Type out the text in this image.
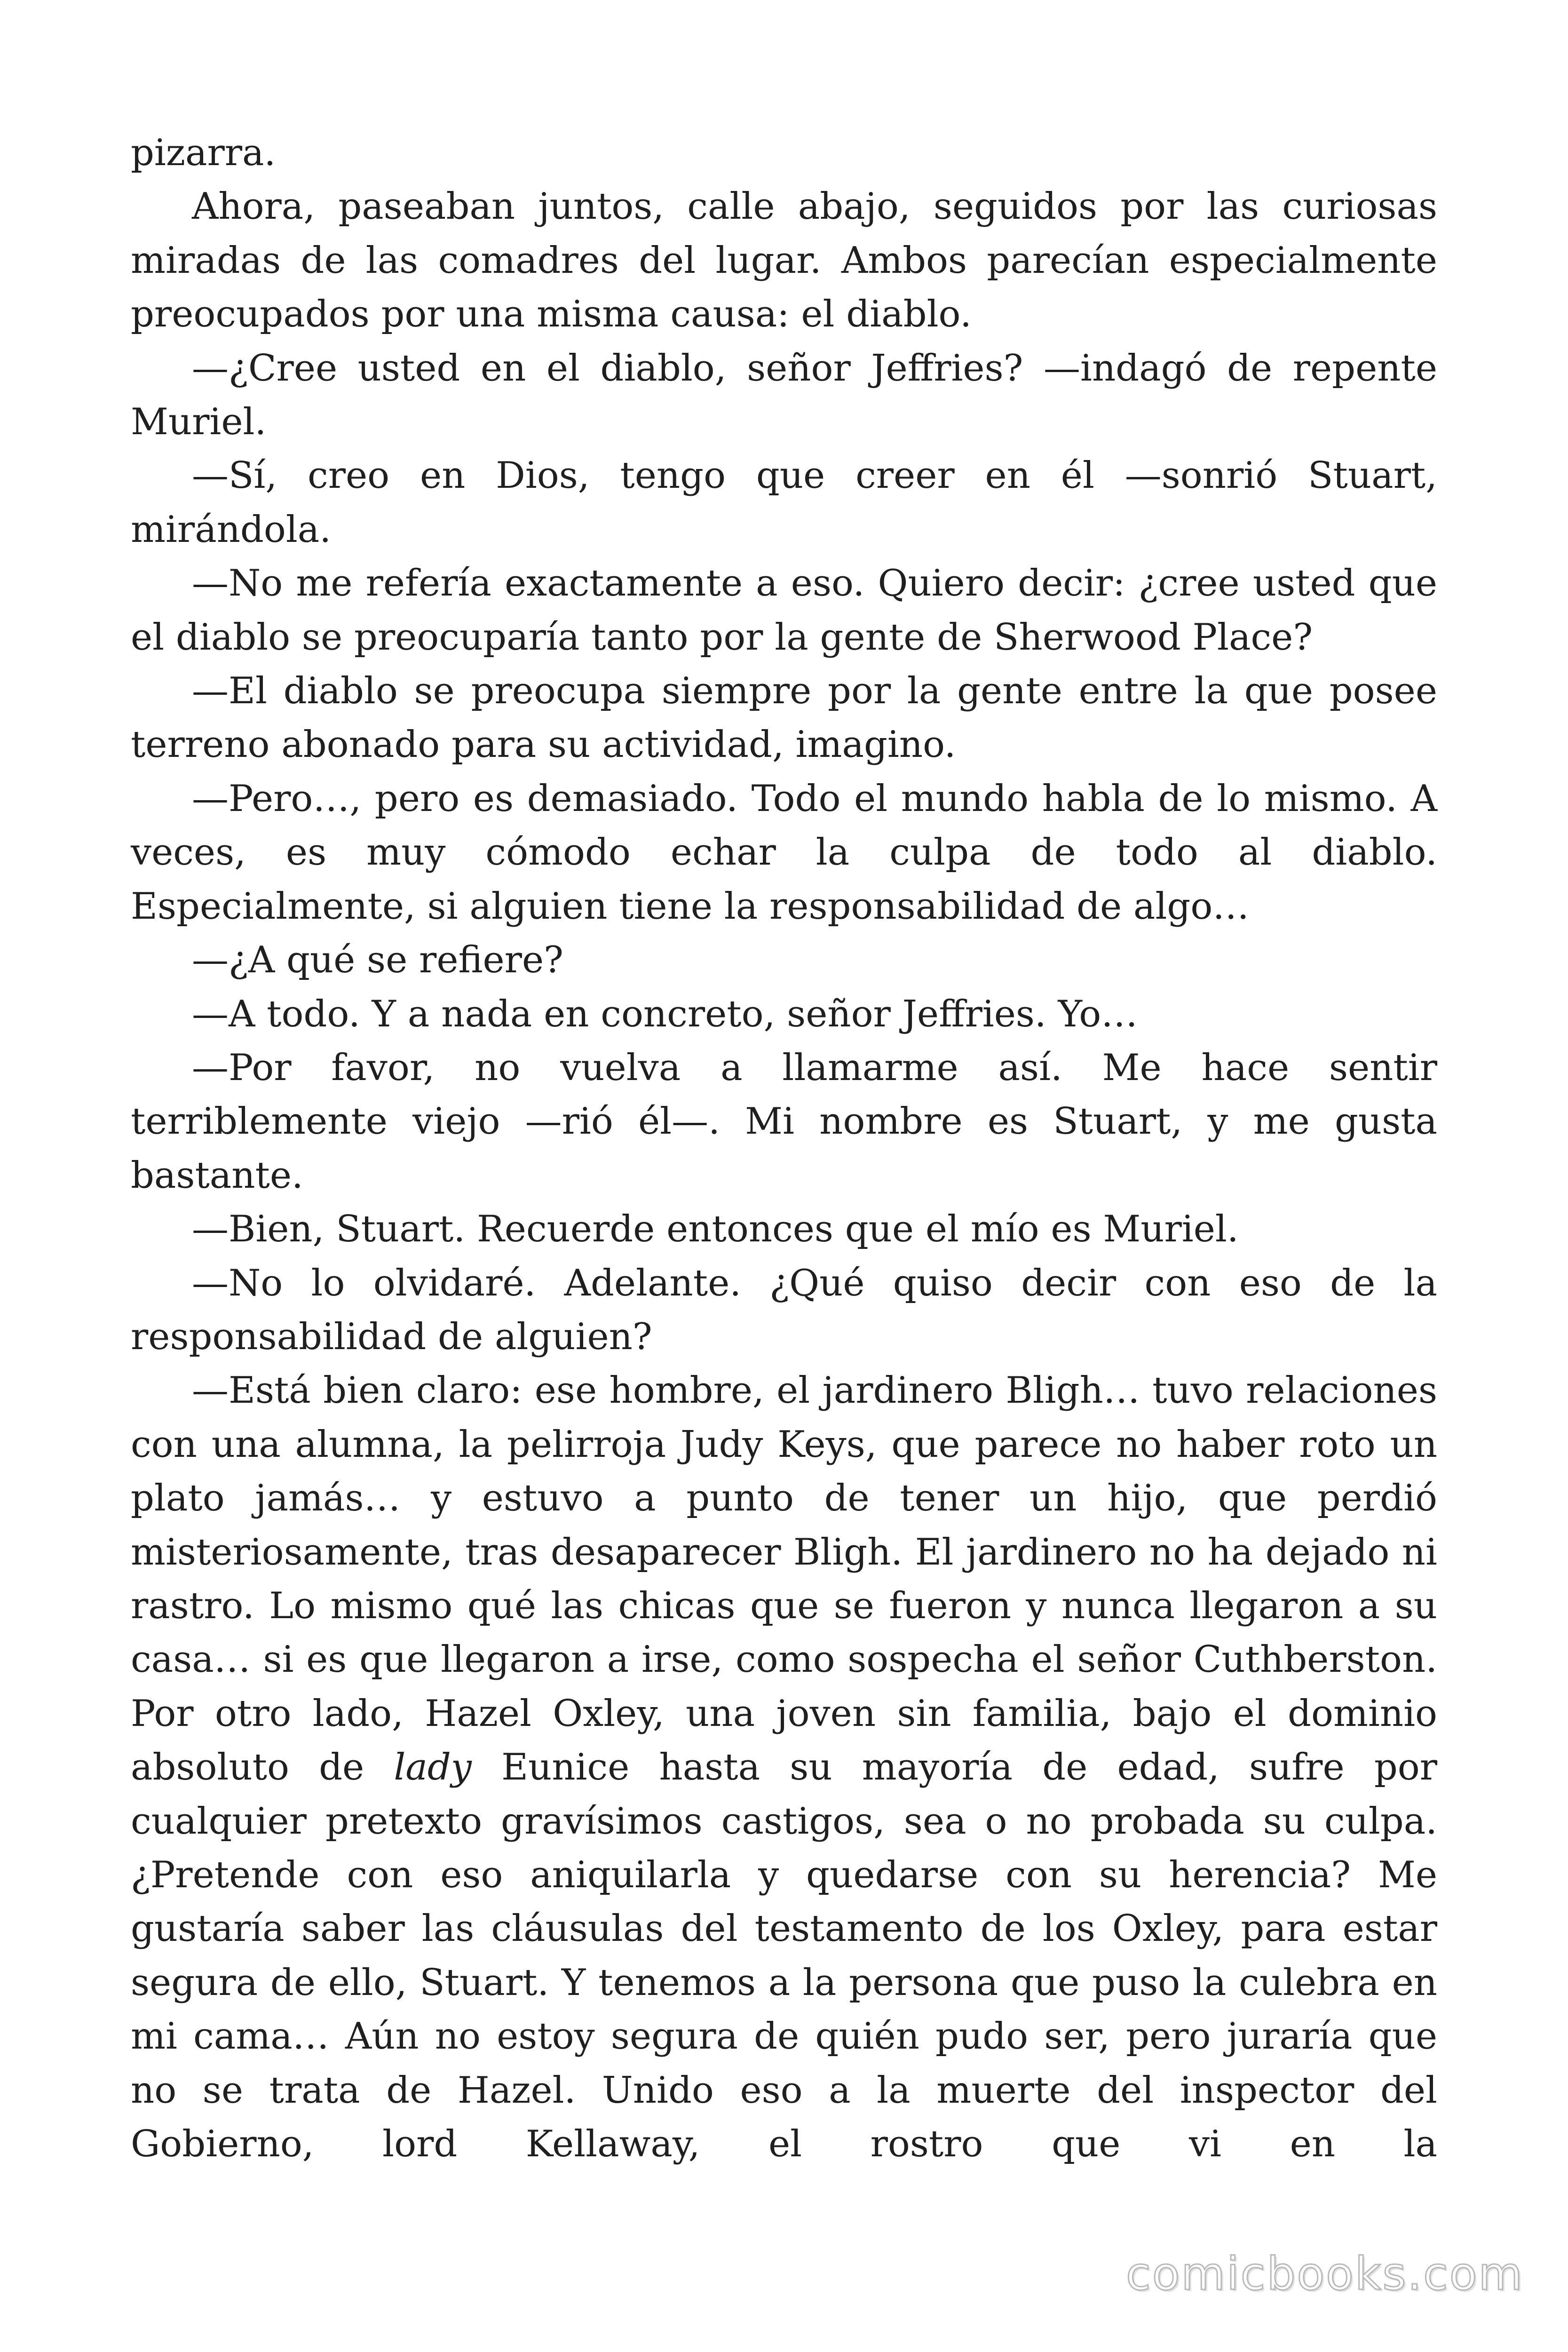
pizarra.

Ahora, paseaban juntos, calle abajo, seguidos por las curiosas miradas de las comadres del lugar. Ambos parecían especialmente preocupados por una misma causa: el diablo.

—¿Cree usted en el diablo, señor Jeffries? —indagó de repente Muriel.

—Sí, creo en Dios, tengo que creer en él —sonrió Stuart, mirándola.

—No me refería exactamente a eso. Quiero decir: ¿cree usted que el diablo se preocuparía tanto por la gente de Sherwood Place?

—El diablo se preocupa siempre por la gente entre la que posee terreno abonado para su actividad, imagino.

—Pero…, pero es demasiado. Todo el mundo habla de lo mismo. A veces, es muy cómodo echar la culpa de todo al diablo. Especialmente, si alguien tiene la responsabilidad de algo…

—¿A qué se refiere?

—A todo. Y a nada en concreto, señor Jeffries. Yo…

—Por favor, no vuelva a llamarme así. Me hace sentir terriblemente viejo —rió él—. Mi nombre es Stuart, y me gusta bastante.

—Bien, Stuart. Recuerde entonces que el mío es Muriel.

—No lo olvidaré. Adelante. ¿Qué quiso decir con eso de la responsabilidad de alguien?

—Está bien claro: ese hombre, el jardinero Bligh… tuvo relaciones con una alumna, la pelirroja Judy Keys, que parece no haber roto un plato jamás… y estuvo a punto de tener un hijo, que perdió misteriosamente, tras desaparecer Bligh. El jardinero no ha dejado ni rastro. Lo mismo qué las chicas que se fueron y nunca llegaron a su casa… si es que llegaron a irse, como sospecha el señor Cuthberston. Por otro lado, Hazel Oxley, una joven sin familia, bajo el dominio absoluto de lady Eunice hasta su mayoría de edad, sufre por cualquier pretexto gravísimos castigos, sea o no probada su culpa. ¿Pretende con eso aniquilarla y quedarse con su herencia? Me gustaría saber las cláusulas del testamento de los Oxley, para estar segura de ello, Stuart. Y tenemos a la persona que puso la culebra en mi cama… Aún no estoy segura de quién pudo ser, pero juraría que no se trata de Hazel. Unido eso a la muerte del inspector del Gobierno, lord Kellaway, el rostro que vi en la

comicbooks.com
